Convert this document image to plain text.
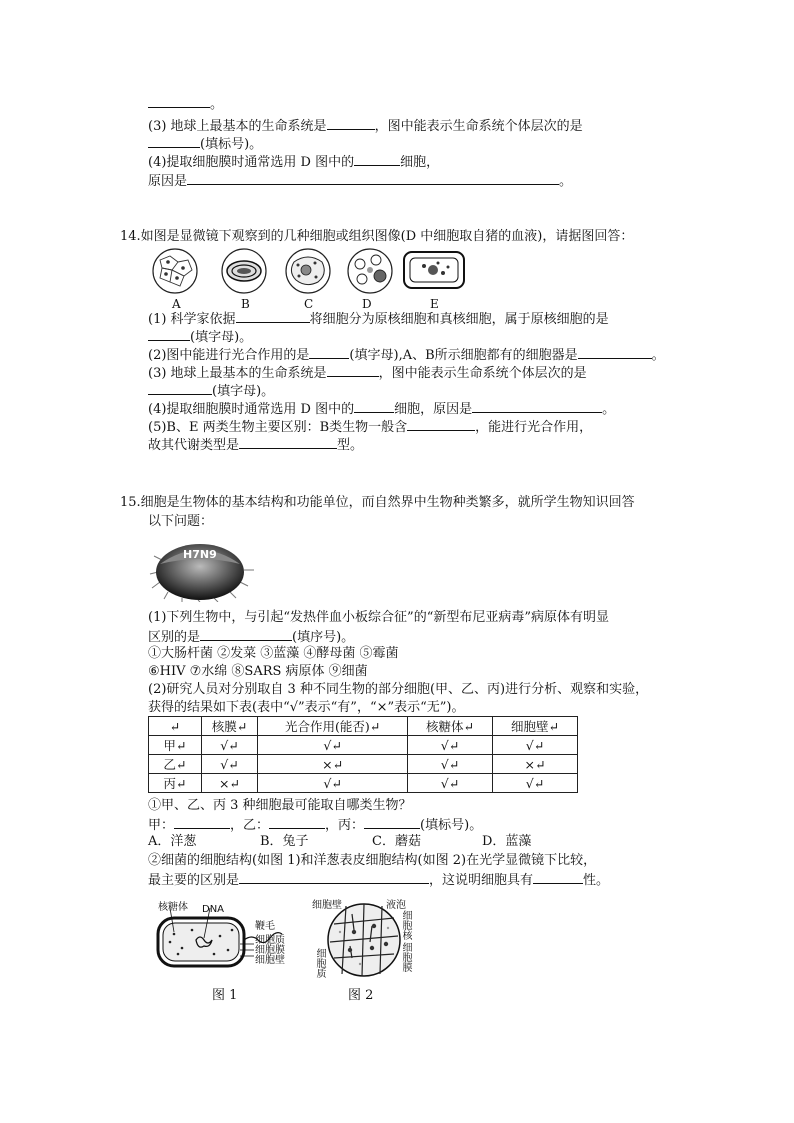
。
(3) 地球上最基本的生命系统是	，图中能表示生命系统个体层次的是
(填标号)。
(4)提取细胞膜时通常选用 D 图中的	细胞，
原因是	。
14.如图是显微镜下观察到的几种细胞或组织图像(D 中细胞取自猪的血液)，请据图回答：
A	B	C	D	E
(1) 科学家依据	将细胞分为原核细胞和真核细胞，属于原核细胞的是
(填字母)。
(2)图中能进行光合作用的是	(填字母),A、B所示细胞都有的细胞器是	。
(3) 地球上最基本的生命系统是	，图中能表示生命系统个体层次的是
(填字母)。
(4)提取细胞膜时通常选用 D 图中的	细胞，原因是	。
(5)B、E 两类生物主要区别：B类生物一般含	，能进行光合作用，
故其代谢类型是	型。
15.细胞是生物体的基本结构和功能单位，而自然界中生物种类繁多，就所学生物知识回答
以下问题：
H7N9
(1)下列生物中，与引起“发热伴血小板综合征”的“新型布尼亚病毒”病原体有明显
区别的是	(填序号)。
①大肠杆菌 ②发菜 ③蓝藻 ④酵母菌 ⑤霉菌
⑥HIV ⑦水绵 ⑧SARS 病原体 ⑨细菌
(2)研究人员对分别取自 3 种不同生物的部分细胞(甲、乙、丙)进行分析、观察和实验，
获得的结果如下表(表中“√”表示“有”，“×”表示“无”)。
↵	核膜↵	光合作用(能否)↵	核糖体↵	细胞壁↵
甲↵	√↵	√↵	√↵	√↵
乙↵	√↵	×↵	√↵	×↵
丙↵	×↵	√↵	√↵	√↵
①甲、乙、丙 3 种细胞最可能取自哪类生物？
甲：	，乙：	，丙：	(填标号)。
A．洋葱	B．兔子	C．蘑菇	D．蓝藻
②细菌的细胞结构(如图 1)和洋葱表皮细胞结构(如图 2)在光学显微镜下比较，
最主要的区别是	，这说明细胞具有	性。
核糖体 DNA
鞭毛
细胞质
细胞膜
细胞壁
图 1
细胞壁	液泡
细胞核
细胞膜
细胞质
图 2
